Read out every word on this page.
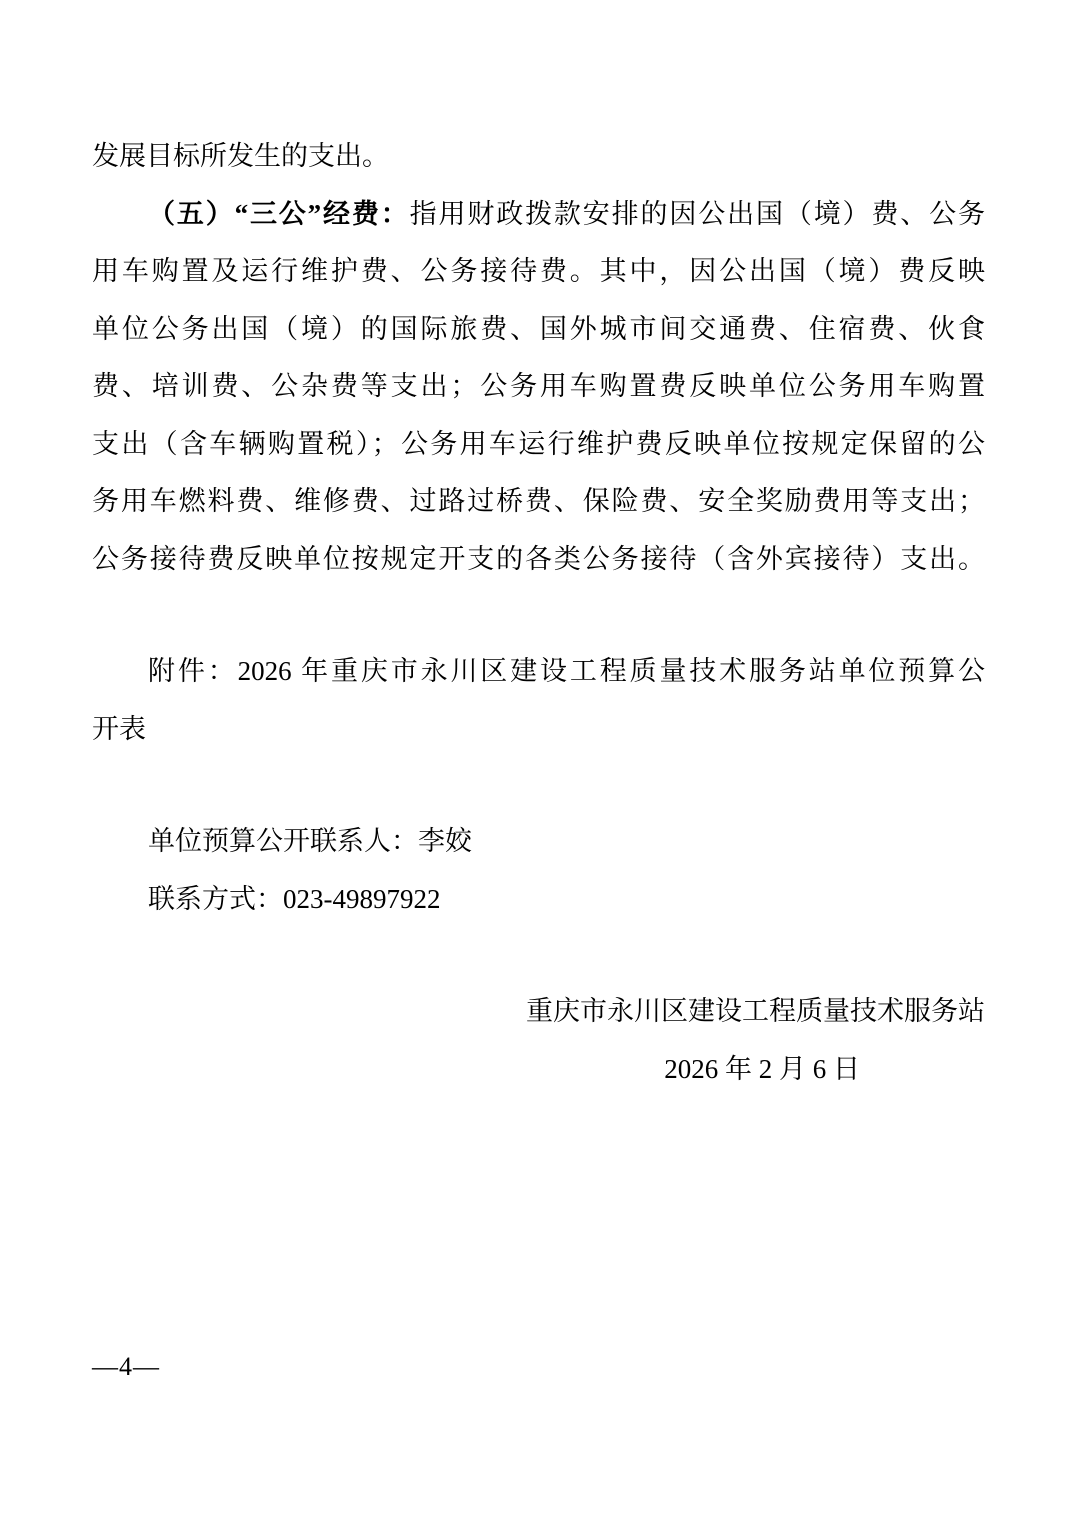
发展目标所发生的支出。
（五）“三公”经费：指用财政拨款安排的因公出国（境）费、公务
用车购置及运行维护费、公务接待费。其中，因公出国（境）费反映
单位公务出国（境）的国际旅费、国外城市间交通费、住宿费、伙食
费、培训费、公杂费等支出；公务用车购置费反映单位公务用车购置
支出（含车辆购置税）；公务用车运行维护费反映单位按规定保留的公
务用车燃料费、维修费、过路过桥费、保险费、安全奖励费用等支出；
公务接待费反映单位按规定开支的各类公务接待（含外宾接待）支出。
附件：2026 年重庆市永川区建设工程质量技术服务站单位预算公
开表
单位预算公开联系人：李姣
联系方式：023-49897922
重庆市永川区建设工程质量技术服务站
2026 年 2 月 6 日
—4—
